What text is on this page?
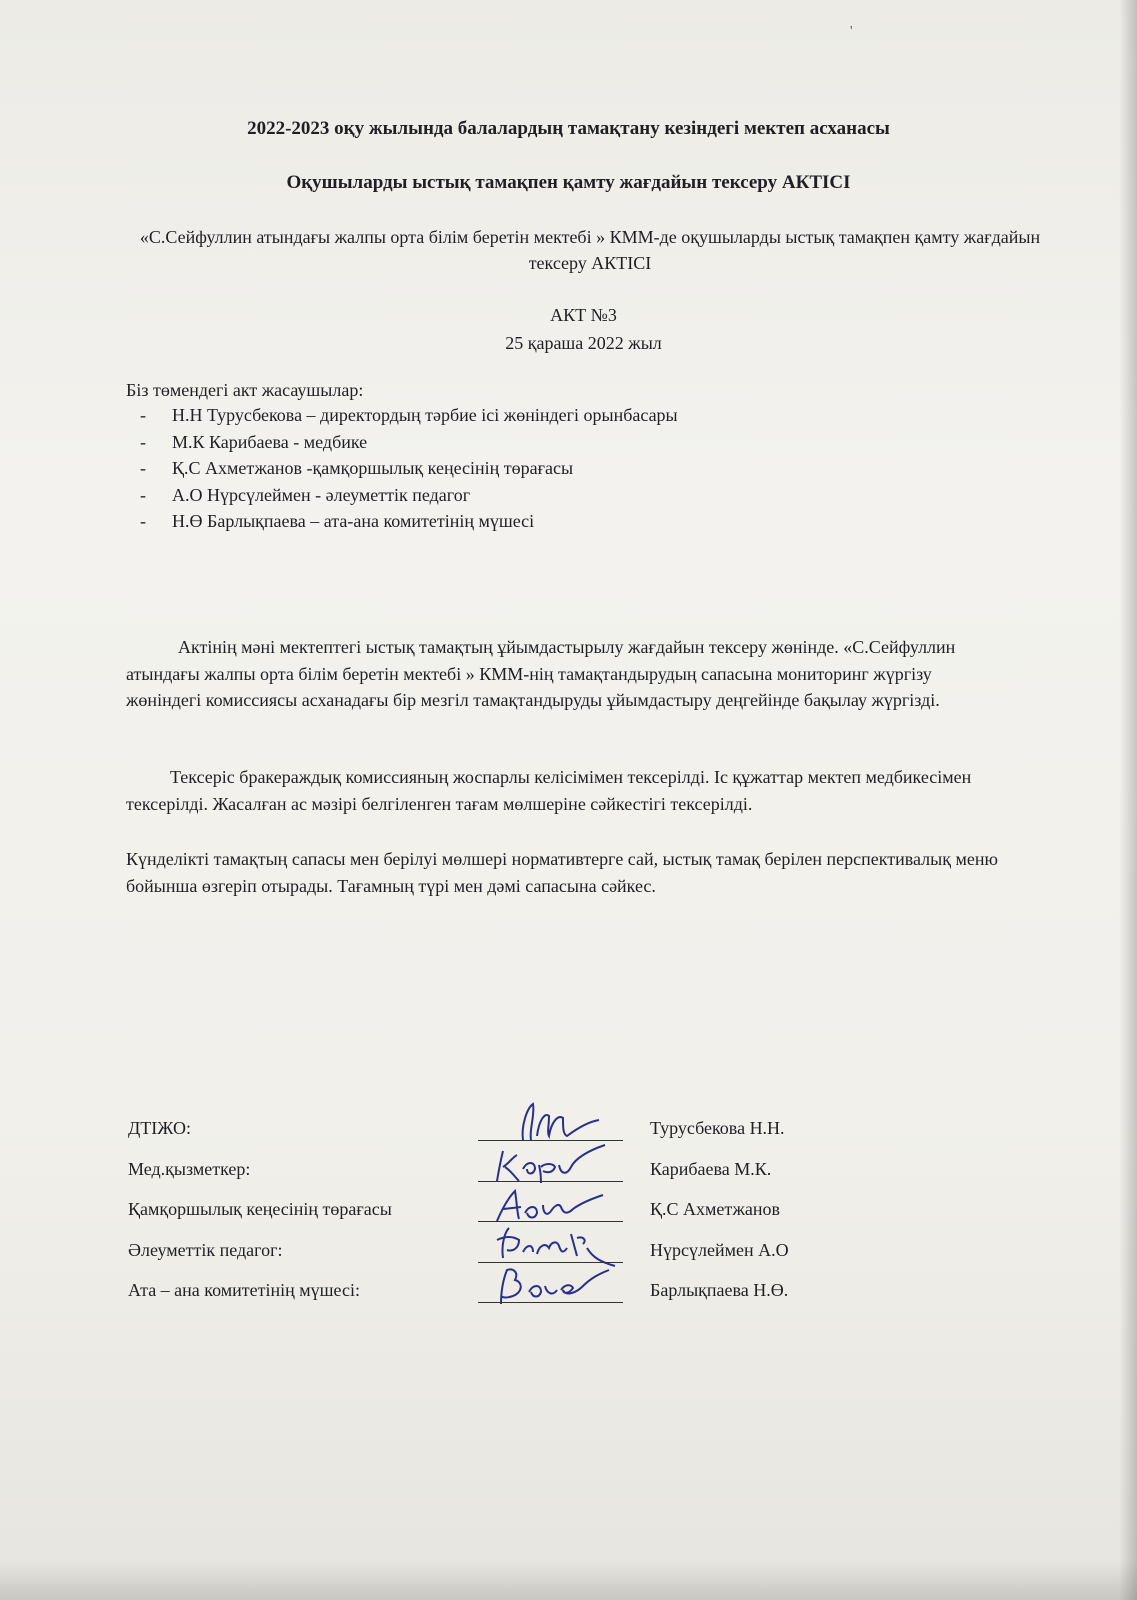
'
2022-2023 оқу жылында балалардың тамақтану кезіндегі мектеп асханасы
Оқушыларды ыстық тамақпен қамту жағдайын тексеру АКТІСІ
«С.Сейфуллин атындағы жалпы орта білім беретін мектебі » КММ-де оқушыларды ыстық тамақпен қамту жағдайын тексеру АКТІСІ
АКТ №3
25 қараша 2022 жыл
Біз төмендегі акт жасаушылар:
-	Н.Н Турусбекова – директордың тәрбие ісі жөніндегі орынбасары
-	М.К Карибаева - медбике
-	Қ.С Ахметжанов -қамқоршылық кеңесінің төрағасы
-	А.О Нүрсүлеймен - әлеуметтік педагог
-	Н.Ө Барлықпаева – ата-ана комитетінің мүшесі
Актінің мәні мектептегі ыстық тамақтың ұйымдастырылу жағдайын тексеру жөнінде. «С.Сейфуллин атындағы жалпы орта білім беретін мектебі » КММ-нің тамақтандырудың сапасына мониторинг жүргізу жөніндегі комиссиясы асханадағы бір мезгіл тамақтандыруды ұйымдастыру деңгейінде бақылау жүргізді.
Тексеріс бракераждық комиссияның жоспарлы келісімімен тексерілді. Іс құжаттар мектеп медбикесімен тексерілді. Жасалған ас мәзірі белгіленген тағам мөлшеріне сәйкестігі тексерілді.
Күнделікті тамақтың сапасы мен берілуі мөлшері нормативтерге сай, ыстық тамақ берілен перспективалық меню бойынша өзгеріп отырады. Тағамның түрі мен дәмі сапасына сәйкес.
ДТІЖО:	Турусбекова Н.Н.
Мед.қызметкер:	Карибаева М.К.
Қамқоршылық кеңесінің төрағасы	Қ.С Ахметжанов
Әлеуметтік педагог:	Нүрсүлеймен А.О
Ата – ана комитетінің мүшесі:	Барлықпаева Н.Ө.
